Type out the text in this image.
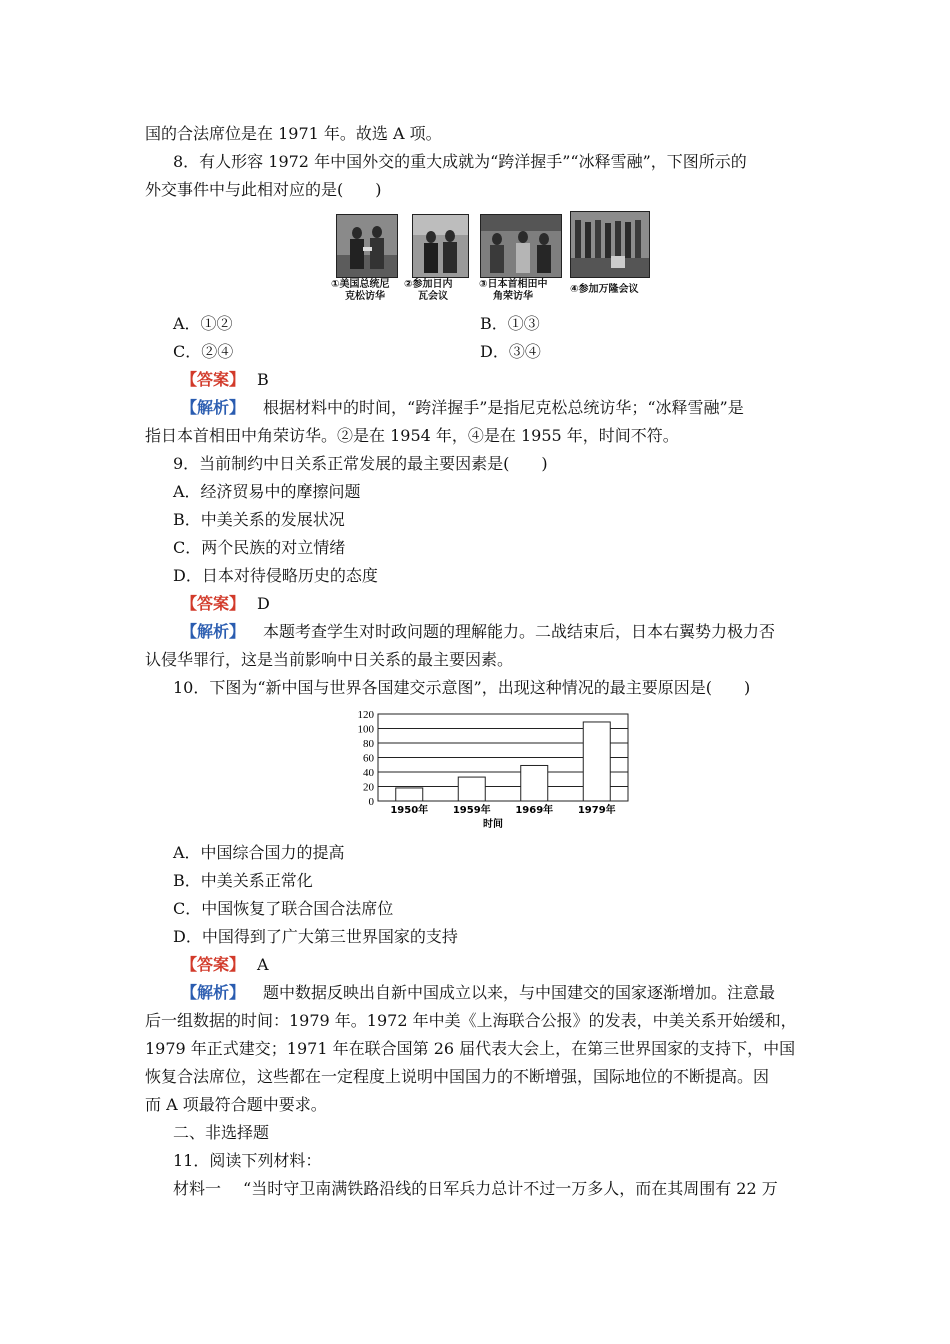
国的合法席位是在 1971 年。故选 A 项。
8．有人形容 1972 年中国外交的重大成就为“跨洋握手”“冰释雪融”，下图所示的
外交事件中与此相对应的是(　　)
①美国总统尼
克松访华
②参加日内
瓦会议
③日本首相田中
角荣访华
④参加万隆会议
A．①②	B．①③
C．②④	D．③④
【答案】 B
【解析】 根据材料中的时间，“跨洋握手”是指尼克松总统访华；“冰释雪融”是
指日本首相田中角荣访华。②是在 1954 年，④是在 1955 年，时间不符。
9．当前制约中日关系正常发展的最主要因素是(　　)
A．经济贸易中的摩擦问题
B．中美关系的发展状况
C．两个民族的对立情绪
D．日本对待侵略历史的态度
【答案】 D
【解析】 本题考查学生对时政问题的理解能力。二战结束后，日本右翼势力极力否
认侵华罪行，这是当前影响中日关系的最主要因素。
10．下图为“新中国与世界各国建交示意图”，出现这种情况的最主要原因是(　　)
0
20
40
60
80
100
120
1950年 1959年 1969年 1979年
时间
A．中国综合国力的提高
B．中美关系正常化
C．中国恢复了联合国合法席位
D．中国得到了广大第三世界国家的支持
【答案】 A
【解析】 题中数据反映出自新中国成立以来，与中国建交的国家逐渐增加。注意最
后一组数据的时间：1979 年。1972 年中美《上海联合公报》的发表，中美关系开始缓和，
1979 年正式建交；1971 年在联合国第 26 届代表大会上，在第三世界国家的支持下，中国
恢复合法席位，这些都在一定程度上说明中国国力的不断增强，国际地位的不断提高。因
而 A 项最符合题中要求。
二、非选择题
11．阅读下列材料：
材料一 “当时守卫南满铁路沿线的日军兵力总计不过一万多人，而在其周围有 22 万
